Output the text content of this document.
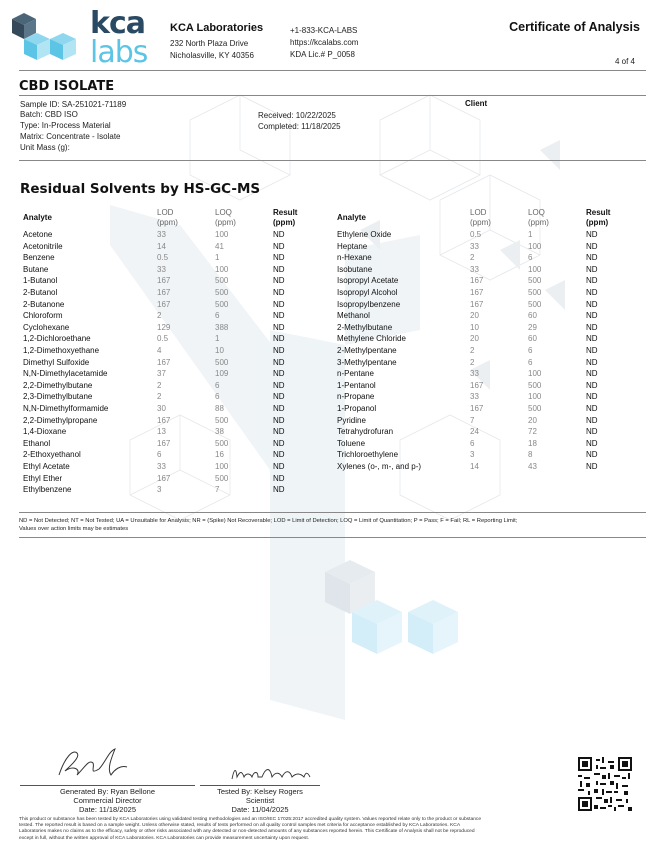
kca
labs
KCA Laboratories
232 North Plaza Drive
Nicholasville, KY 40356
+1-833-KCA-LABS
https://kcalabs.com
KDA Lic.# P_0058
Certificate of Analysis
4 of 4
CBD ISOLATE
Sample ID: SA-251021-71189
Batch: CBD ISO
Type: In-Process Material
Matrix: Concentrate - Isolate
Unit Mass (g):
Received: 10/22/2025
Completed: 11/18/2025
Client
Residual Solvents by HS-GC-MS
Analyte
LOD
(ppm)
LOQ
(ppm)
Result
(ppm)
Analyte
LOD
(ppm)
LOQ
(ppm)
Result
(ppm)
Acetone	33	100	ND
Acetonitrile	14	41	ND
Benzene	0.5	1	ND
Butane	33	100	ND
1-Butanol	167	500	ND
2-Butanol	167	500	ND
2-Butanone	167	500	ND
Chloroform	2	6	ND
Cyclohexane	129	388	ND
1,2-Dichloroethane	0.5	1	ND
1,2-Dimethoxyethane	4	10	ND
Dimethyl Sulfoxide	167	500	ND
N,N-Dimethylacetamide	37	109	ND
2,2-Dimethylbutane	2	6	ND
2,3-Dimethylbutane	2	6	ND
N,N-Dimethylformamide	30	88	ND
2,2-Dimethylpropane	167	500	ND
1,4-Dioxane	13	38	ND
Ethanol	167	500	ND
2-Ethoxyethanol	6	16	ND
Ethyl Acetate	33	100	ND
Ethyl Ether	167	500	ND
Ethylbenzene	3	7	ND
Ethylene Oxide	0.5	1	ND
Heptane	33	100	ND
n-Hexane	2	6	ND
Isobutane	33	100	ND
Isopropyl Acetate	167	500	ND
Isopropyl Alcohol	167	500	ND
Isopropylbenzene	167	500	ND
Methanol	20	60	ND
2-Methylbutane	10	29	ND
Methylene Chloride	20	60	ND
2-Methylpentane	2	6	ND
3-Methylpentane	2	6	ND
n-Pentane	33	100	ND
1-Pentanol	167	500	ND
n-Propane	33	100	ND
1-Propanol	167	500	ND
Pyridine	7	20	ND
Tetrahydrofuran	24	72	ND
Toluene	6	18	ND
Trichloroethylene	3	8	ND
Xylenes (o-, m-, and p-)	14	43	ND
ND = Not Detected; NT = Not Tested; UA = Unsuitable for Analysis; NR = (Spike) Not Recoverable; LOD = Limit of Detection; LOQ = Limit of Quantitation; P = Pass; F = Fail; RL = Reporting Limit;
Values over action limits may be estimates
Generated By: Ryan Bellone
Commercial Director
Date: 11/18/2025
Tested By: Kelsey Rogers
Scientist
Date: 11/04/2025
This product or substance has been tested by KCA Laboratories using validated testing methodologies and an ISO/IEC 17025:2017 accredited quality system. Values reported relate only to the product or substance
tested. The reported result is based on a sample weight. Unless otherwise stated, results of tests performed on all quality control samples met criteria for acceptance established by KCA Laboratories. KCA
Laboratories makes no claims as to the efficacy, safety or other risks associated with any detected or non-detected amounts of any substances reported herein. This Certificate of Analysis shall not be reproduced
except in full, without the written approval of KCA Laboratories. KCA Laboratories can provide measurement uncertainty upon request.
